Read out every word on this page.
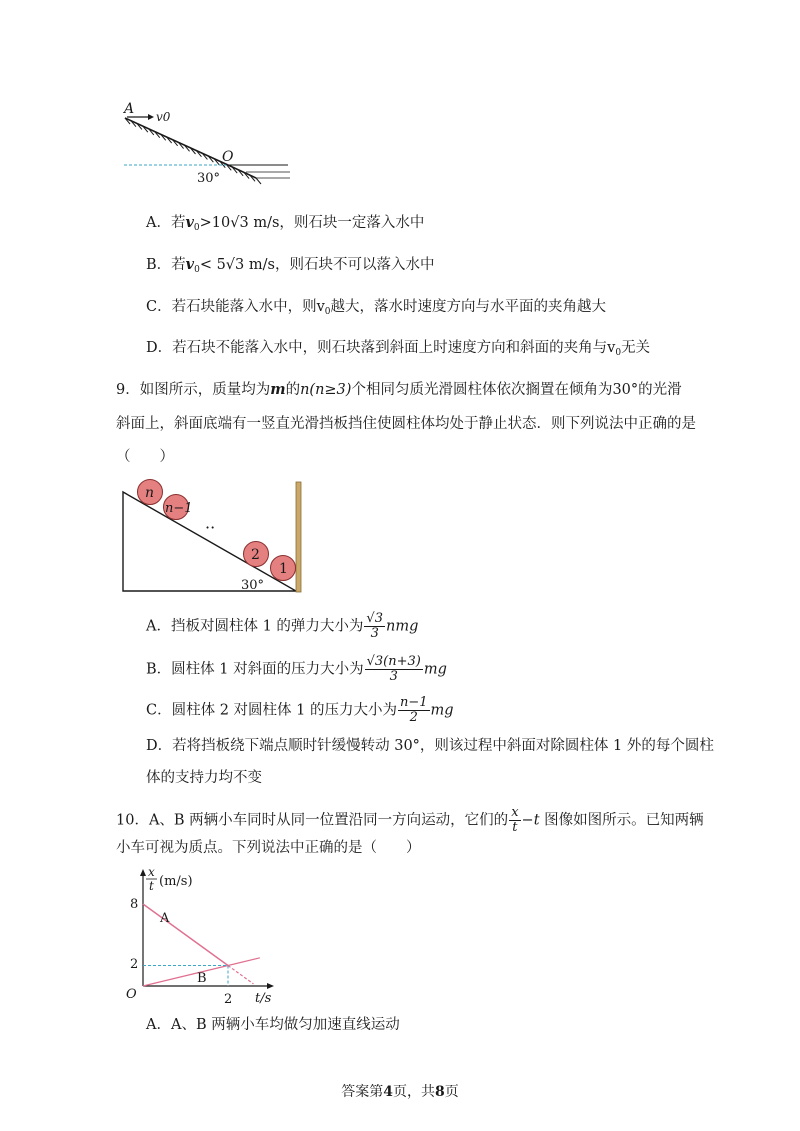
A v0
O
30°
A．若$v_0>10√3$ m/s，则石块一定落入水中
B．若$v_0< 5√3$ m/s，则石块不可以落入水中
C．若石块能落入水中，则$v_0$越大，落水时速度方向与水平面的夹角越大
D．若石块不能落入水中，则石块落到斜面上时速度方向和斜面的夹角与$v_0$无关
9．如图所示，质量均为m的n(n≥3)个相同匀质光滑圆柱体依次搁置在倾角为30°的光滑
斜面上，斜面底端有一竖直光滑挡板挡住使圆柱体均处于静止状态．则下列说法中正确的是
（　　）
n
n−1
··
2
1
30°
A．挡板对圆柱体 1 的弹力大小为 $\frac{√3}{3}$ nmg
B．圆柱体 1 对斜面的压力大小为 $\frac{√3(n+3)}{3}$ mg
C．圆柱体 2 对圆柱体 1 的压力大小为 $\frac{n-1}{2}$ mg
D．若将挡板绕下端点顺时针缓慢转动 30°，则该过程中斜面对除圆柱体 1 外的每个圆柱
体的支持力均不变
10．A、B 两辆小车同时从同一位置沿同一方向运动，它们的 $\frac{x}{t} -t$ 图像如图所示。已知两辆
小车可视为质点。下列说法中正确的是（　　）
x
t (m/s)
t/s
O
8
2
2
A
B
A．A、B 两辆小车均做匀加速直线运动
答案第4页，共8页
